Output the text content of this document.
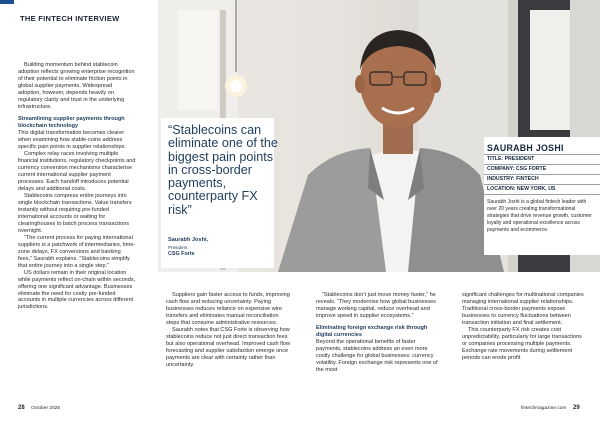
THE FINTECH INTERVIEW
“Stablecoins can eliminate one of the biggest pain points in cross-border payments, counterparty FX risk”
Saurabh Joshi,
President
CSG Forte
SAURABH JOSHI
TITLE: PRESIDENT
COMPANY: CSG FORTE
INDUSTRY: FINTECH
LOCATION: NEW YORK, US
Saurabh Joshi is a global fintech leader with over 20 years creating transformational strategies that drive revenue growth, customer loyalty and operational excellence across payments and ecommerce.

Building momentum behind stablecoin adoption reflects growing enterprise recognition of their potential to eliminate friction points in global supplier payments. Widespread adoption, however, depends heavily on regulatory clarity and trust in the underlying infrastructure.

Streamlining supplier payments through blockchain technology

This digital transformation becomes clearer when examining how stable-coins address specific pain points in supplier relationships.

Complex relay races involving multiple financial institutions, regulatory checkpoints and currency conversion mechanisms characterise current international supplier payment processes. Each handoff introduces potential delays and additional costs.

Stablecoins compress entire journeys into single blockchain transactions. Value transfers instantly without requiring pre-funded international accounts or waiting for clearinghouses to batch process transactions overnight.

“The current process for paying international suppliers is a patchwork of intermediaries, time-zone delays, FX conversions and banking fees,” Saurabh explains. “Stablecoins simplify that entire journey into a single step.”

US dollars remain in their original location while payments reflect on-chain within seconds, offering one significant advantage. Businesses eliminate the need for costly pre-funded accounts in multiple currencies across different jurisdictions.

Suppliers gain faster access to funds, improving cash flow and reducing uncertainty. Paying businesses reduces reliance on expensive wire transfers and eliminates manual reconciliation steps that consume administrative resources.

Saurabh notes that CSG Forte is observing how stablecoins reduce not just direct transaction fees but also operational overhead. Improved cash flow forecasting and supplier satisfaction emerge once payments are clear with certainty rather than uncertainty.

“Stablecoins don’t just move money faster,” he reveals. “They modernise how global businesses manage working capital, reduce overhead and improve speed in supplier ecosystems.”

Eliminating foreign exchange risk through digital currencies

Beyond the operational benefits of faster payments, stablecoins address an even more costly challenge for global businesses: currency volatility. Foreign exchange risk represents one of the most

significant challenges for multinational companies managing international supplier relationships. Traditional cross-border payments expose businesses to currency fluctuations between transaction initiation and final settlement.

This counterparty FX risk creates cost unpredictability, particularly for large transactions or companies processing multiple payments. Exchange rate movements during settlement periods can erode profit

28 October 2025	fintechmagazine.com 29
